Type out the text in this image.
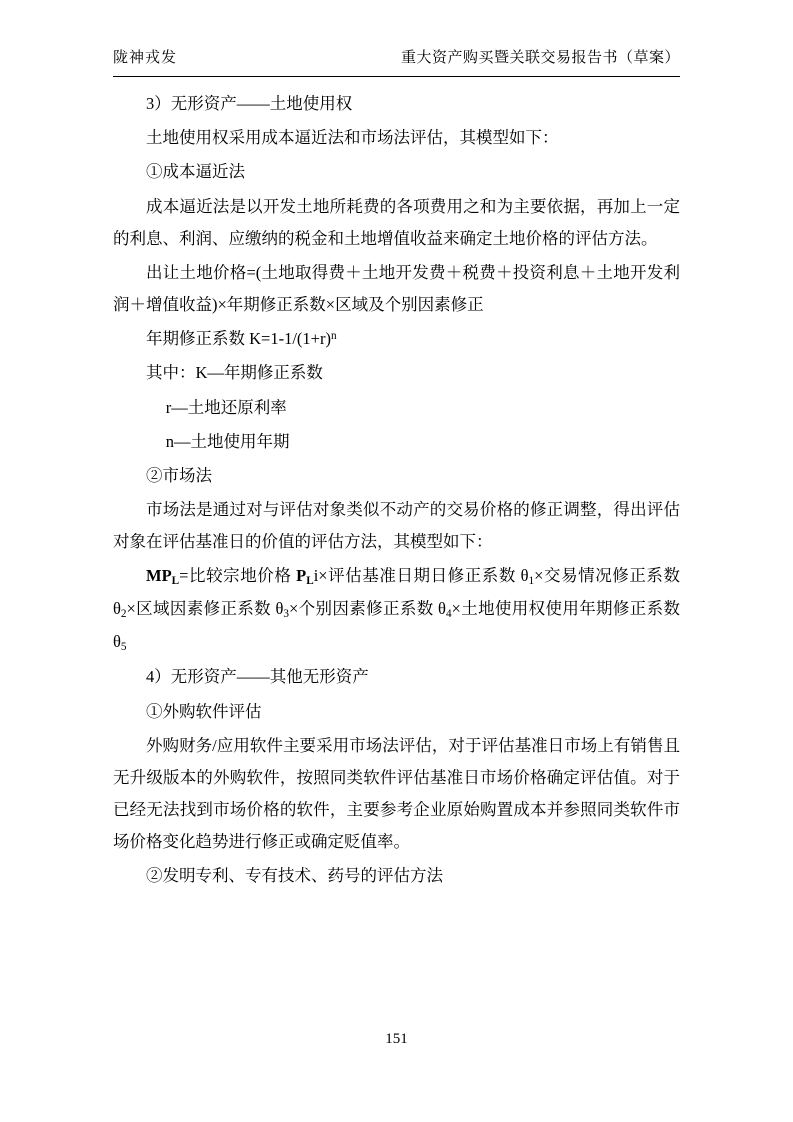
陇神戎发	重大资产购买暨关联交易报告书（草案）
3）无形资产——土地使用权
土地使用权采用成本逼近法和市场法评估，其模型如下：
①成本逼近法
成本逼近法是以开发土地所耗费的各项费用之和为主要依据，再加上一定的利息、利润、应缴纳的税金和土地增值收益来确定土地价格的评估方法。
出让土地价格=(土地取得费＋土地开发费＋税费＋投资利息＋土地开发利润＋增值收益)×年期修正系数×区域及个别因素修正
年期修正系数 $K=1-1/(1+r)^n$
其中：K—年期修正系数
r—土地还原利率
n—土地使用年期
②市场法
市场法是通过对与评估对象类似不动产的交易价格的修正调整，得出评估对象在评估基准日的价值的评估方法，其模型如下：
$MP_L=$比较宗地价格 $P_Li\times$评估基准日期日修正系数 $\theta_1\times$交易情况修正系数 $\theta_2\times$区域因素修正系数 $\theta_3\times$个别因素修正系数 $\theta_4\times$土地使用权使用年期修正系数 $\theta_5$
4）无形资产——其他无形资产
①外购软件评估
外购财务/应用软件主要采用市场法评估，对于评估基准日市场上有销售且无升级版本的外购软件，按照同类软件评估基准日市场价格确定评估值。对于已经无法找到市场价格的软件，主要参考企业原始购置成本并参照同类软件市场价格变化趋势进行修正或确定贬值率。
②发明专利、专有技术、药号的评估方法
151
